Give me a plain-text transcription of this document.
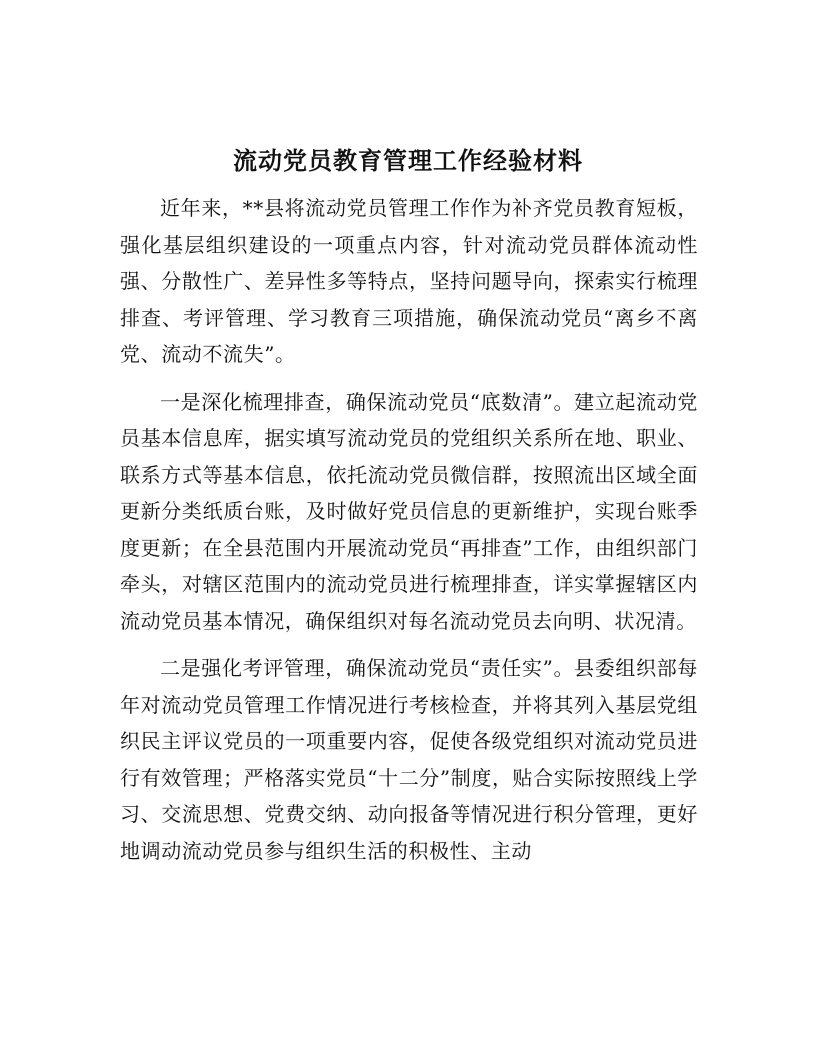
流动党员教育管理工作经验材料

近年来，**县将流动党员管理工作作为补齐党员教育短板，强化基层组织建设的一项重点内容，针对流动党员群体流动性强、分散性广、差异性多等特点，坚持问题导向，探索实行梳理排查、考评管理、学习教育三项措施，确保流动党员“离乡不离党、流动不流失”。

一是深化梳理排查，确保流动党员“底数清”。建立起流动党员基本信息库，据实填写流动党员的党组织关系所在地、职业、联系方式等基本信息，依托流动党员微信群，按照流出区域全面更新分类纸质台账，及时做好党员信息的更新维护，实现台账季度更新；在全县范围内开展流动党员“再排查”工作，由组织部门牵头，对辖区范围内的流动党员进行梳理排查，详实掌握辖区内流动党员基本情况，确保组织对每名流动党员去向明、状况清。

二是强化考评管理，确保流动党员“责任实”。县委组织部每年对流动党员管理工作情况进行考核检查，并将其列入基层党组织民主评议党员的一项重要内容，促使各级党组织对流动党员进行有效管理；严格落实党员“十二分”制度，贴合实际按照线上学习、交流思想、党费交纳、动向报备等情况进行积分管理，更好地调动流动党员参与组织生活的积极性、主动
